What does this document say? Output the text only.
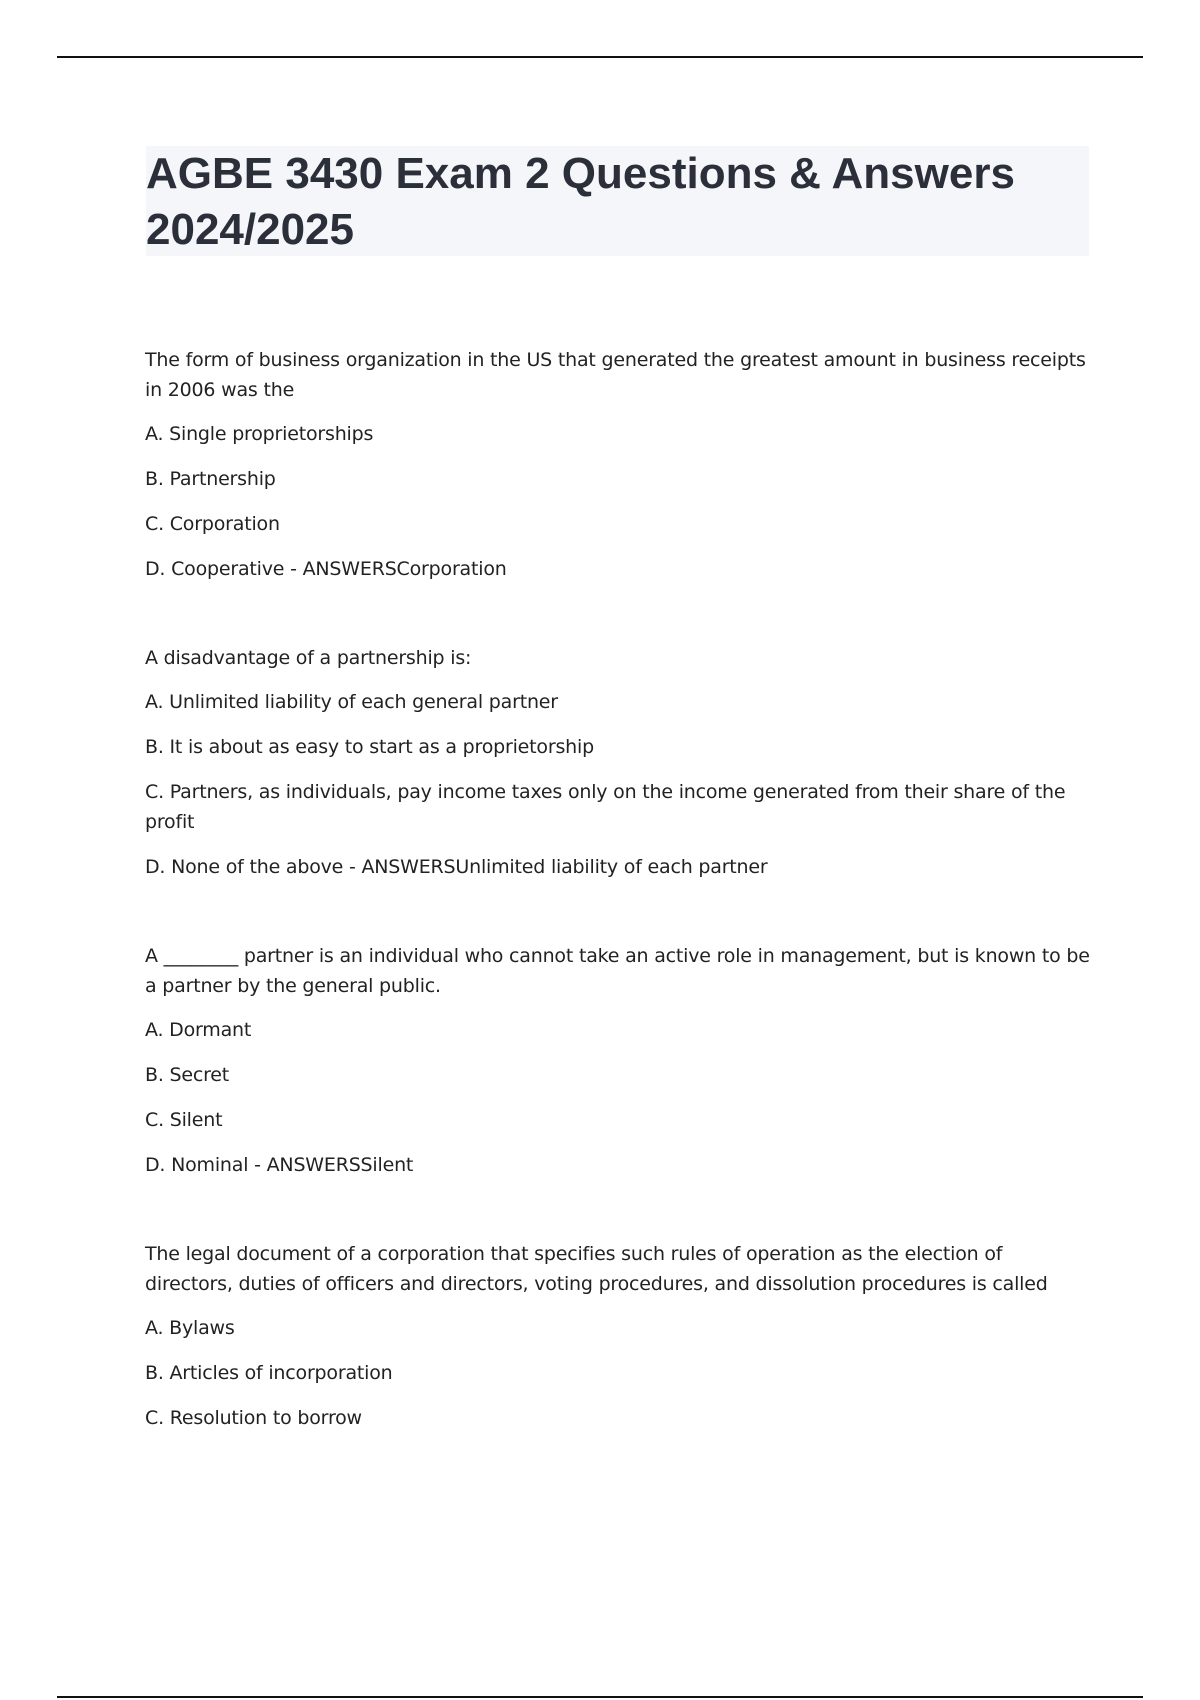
AGBE 3430 Exam 2 Questions & Answers 2024/2025

The form of business organization in the US that generated the greatest amount in business receipts in 2006 was the

A. Single proprietorships

B. Partnership

C. Corporation

D. Cooperative - ANSWERSCorporation

A disadvantage of a partnership is:

A. Unlimited liability of each general partner

B. It is about as easy to start as a proprietorship

C. Partners, as individuals, pay income taxes only on the income generated from their share of the profit

D. None of the above - ANSWERSUnlimited liability of each partner

A ________ partner is an individual who cannot take an active role in management, but is known to be a partner by the general public.

A. Dormant

B. Secret

C. Silent

D. Nominal - ANSWERSSilent

The legal document of a corporation that specifies such rules of operation as the election of directors, duties of officers and directors, voting procedures, and dissolution procedures is called

A. Bylaws

B. Articles of incorporation

C. Resolution to borrow
